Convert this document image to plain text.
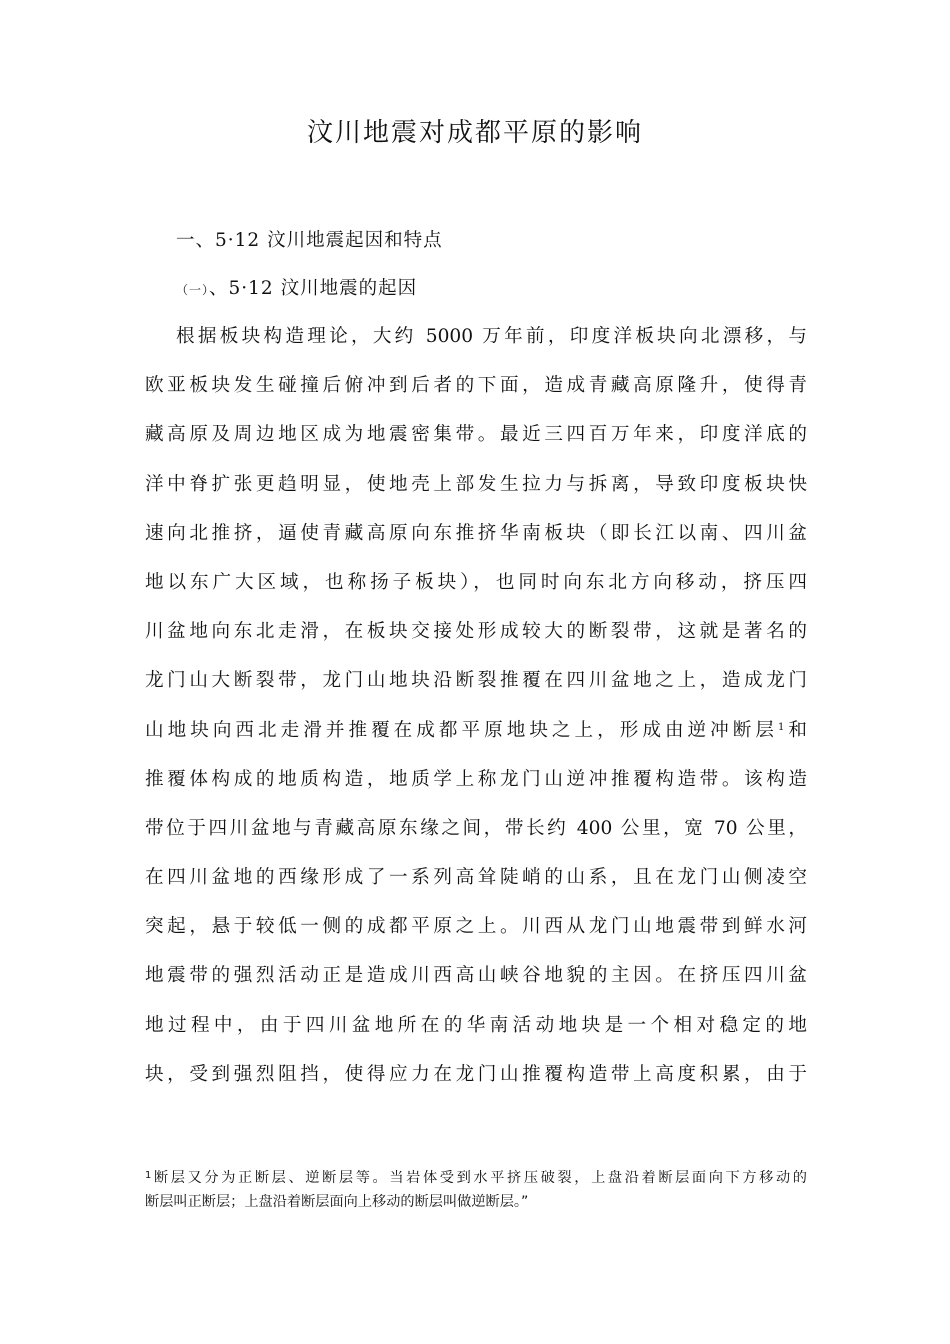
汶川地震对成都平原的影响
一、5·12 汶川地震起因和特点
（一）、5·12 汶川地震的起因
根据板块构造理论，大约 5000 万年前，印度洋板块向北漂移，与
欧亚板块发生碰撞后俯冲到后者的下面，造成青藏高原隆升，使得青
藏高原及周边地区成为地震密集带。最近三四百万年来，印度洋底的
洋中脊扩张更趋明显，使地壳上部发生拉力与拆离，导致印度板块快
速向北推挤，逼使青藏高原向东推挤华南板块（即长江以南、四川盆
地以东广大区域，也称扬子板块），也同时向东北方向移动，挤压四
川盆地向东北走滑，在板块交接处形成较大的断裂带，这就是著名的
龙门山大断裂带，龙门山地块沿断裂推覆在四川盆地之上，造成龙门
山地块向西北走滑并推覆在成都平原地块之上，形成由逆冲断层$^1$和
推覆体构成的地质构造，地质学上称龙门山逆冲推覆构造带。该构造
带位于四川盆地与青藏高原东缘之间，带长约 400 公里，宽 70 公里，
在四川盆地的西缘形成了一系列高耸陡峭的山系，且在龙门山侧凌空
突起，悬于较低一侧的成都平原之上。川西从龙门山地震带到鲜水河
地震带的强烈活动正是造成川西高山峡谷地貌的主因。在挤压四川盆
地过程中，由于四川盆地所在的华南活动地块是一个相对稳定的地
块，受到强烈阻挡，使得应力在龙门山推覆构造带上高度积累，由于
$^1$断层又分为正断层、逆断层等。当岩体受到水平挤压破裂，上盘沿着断层面向下方移动的
断层叫正断层；上盘沿着断层面向上移动的断层叫做逆断层。”
